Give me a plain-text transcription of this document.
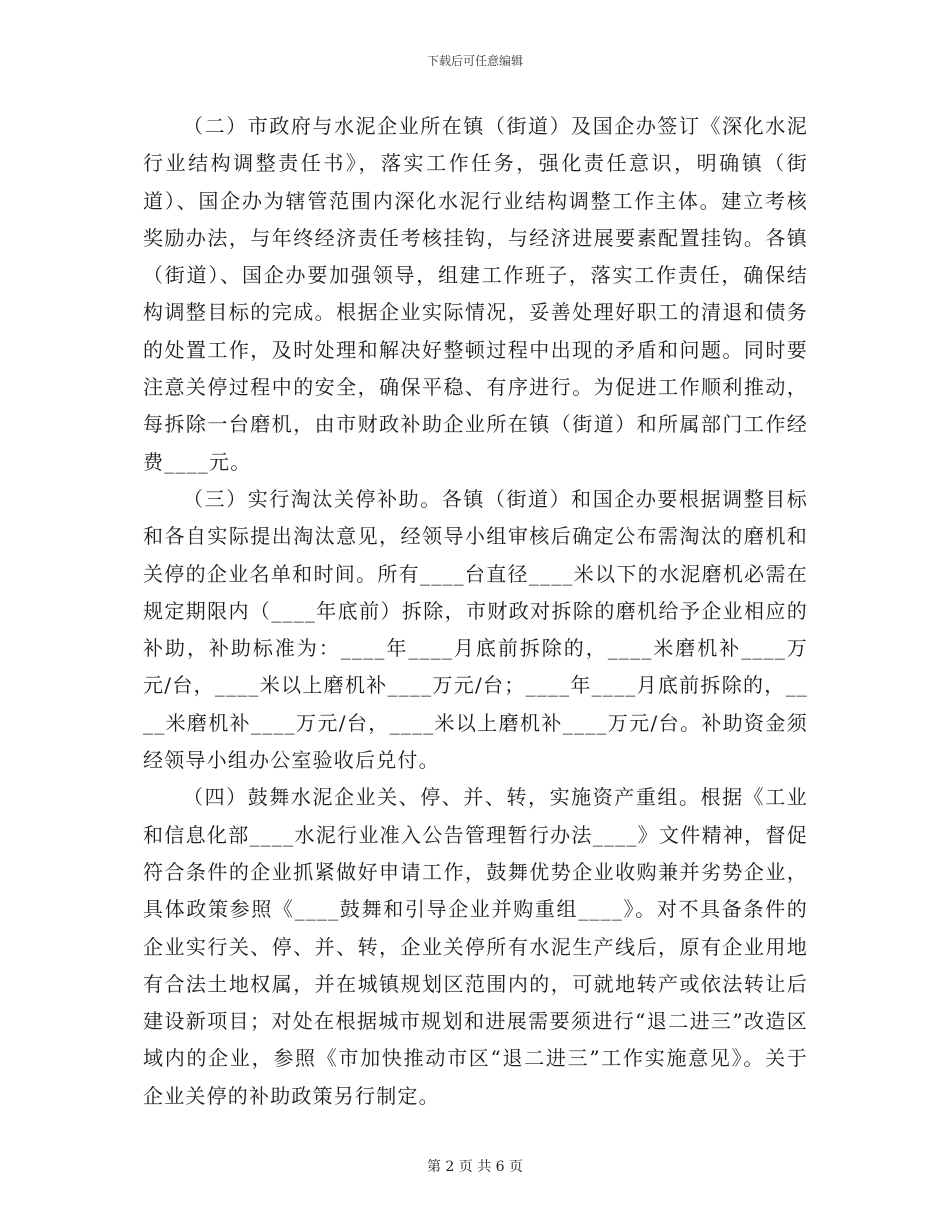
下载后可任意编辑

（二）市政府与水泥企业所在镇（街道）及国企办签订《深化水泥行业结构调整责任书》，落实工作任务，强化责任意识，明确镇（街道）、国企办为辖管范围内深化水泥行业结构调整工作主体。建立考核奖励办法，与年终经济责任考核挂钩，与经济进展要素配置挂钩。各镇（街道）、国企办要加强领导，组建工作班子，落实工作责任，确保结构调整目标的完成。根据企业实际情况，妥善处理好职工的清退和债务的处置工作，及时处理和解决好整顿过程中出现的矛盾和问题。同时要注意关停过程中的安全，确保平稳、有序进行。为促进工作顺利推动，每拆除一台磨机，由市财政补助企业所在镇（街道）和所属部门工作经费____元。

（三）实行淘汰关停补助。各镇（街道）和国企办要根据调整目标和各自实际提出淘汰意见，经领导小组审核后确定公布需淘汰的磨机和关停的企业名单和时间。所有____台直径____米以下的水泥磨机必需在规定期限内（____年底前）拆除，市财政对拆除的磨机给予企业相应的补助，补助标准为：____年____月底前拆除的，____米磨机补____万元/台，____米以上磨机补____万元/台；____年____月底前拆除的，____米磨机补____万元/台，____米以上磨机补____万元/台。补助资金须经领导小组办公室验收后兑付。

（四）鼓舞水泥企业关、停、并、转，实施资产重组。根据《工业和信息化部____水泥行业准入公告管理暂行办法____》文件精神，督促符合条件的企业抓紧做好申请工作，鼓舞优势企业收购兼并劣势企业，具体政策参照《____鼓舞和引导企业并购重组____》。对不具备条件的企业实行关、停、并、转，企业关停所有水泥生产线后，原有企业用地有合法土地权属，并在城镇规划区范围内的，可就地转产或依法转让后建设新项目；对处在根据城市规划和进展需要须进行“退二进三”改造区域内的企业，参照《市加快推动市区“退二进三”工作实施意见》。关于企业关停的补助政策另行制定。

第 2 页 共 6 页
